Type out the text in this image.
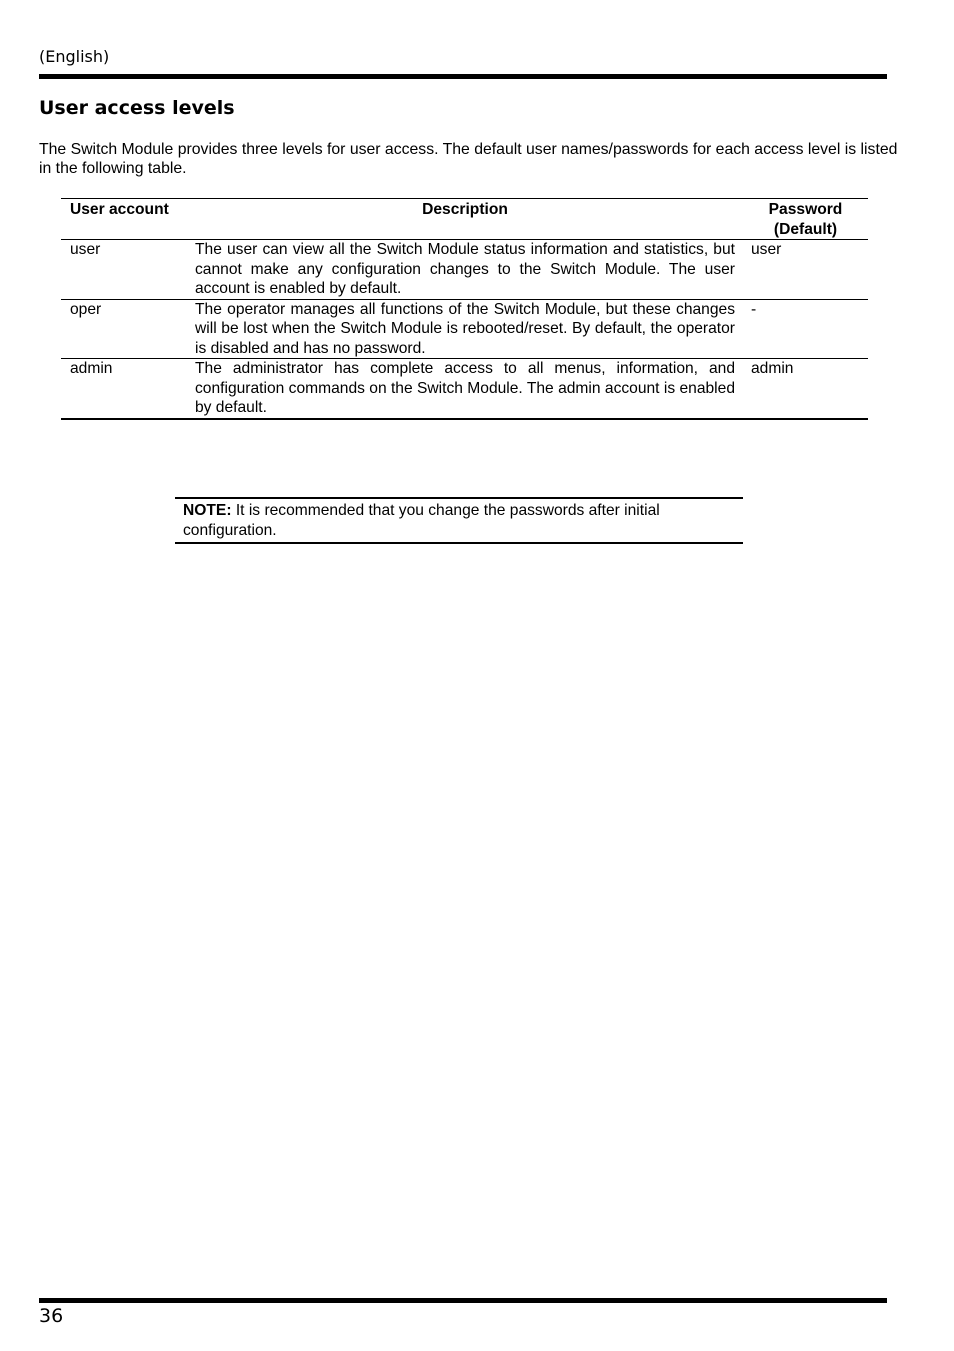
(English)
User access levels

The Switch Module provides three levels for user access. The default user names/passwords for each access level is listed in the following table.

User account	Description	Password (Default)
user	The user can view all the Switch Module status information and statistics, but cannot make any configuration changes to the Switch Module. The user account is enabled by default.	user
oper	The operator manages all functions of the Switch Module, but these changes will be lost when the Switch Module is rebooted/reset. By default, the operator is disabled and has no password.	-
admin	The administrator has complete access to all menus, information, and configuration commands on the Switch Module. The admin account is enabled by default.	admin
NOTE: It is recommended that you change the passwords after initial configuration.
36
